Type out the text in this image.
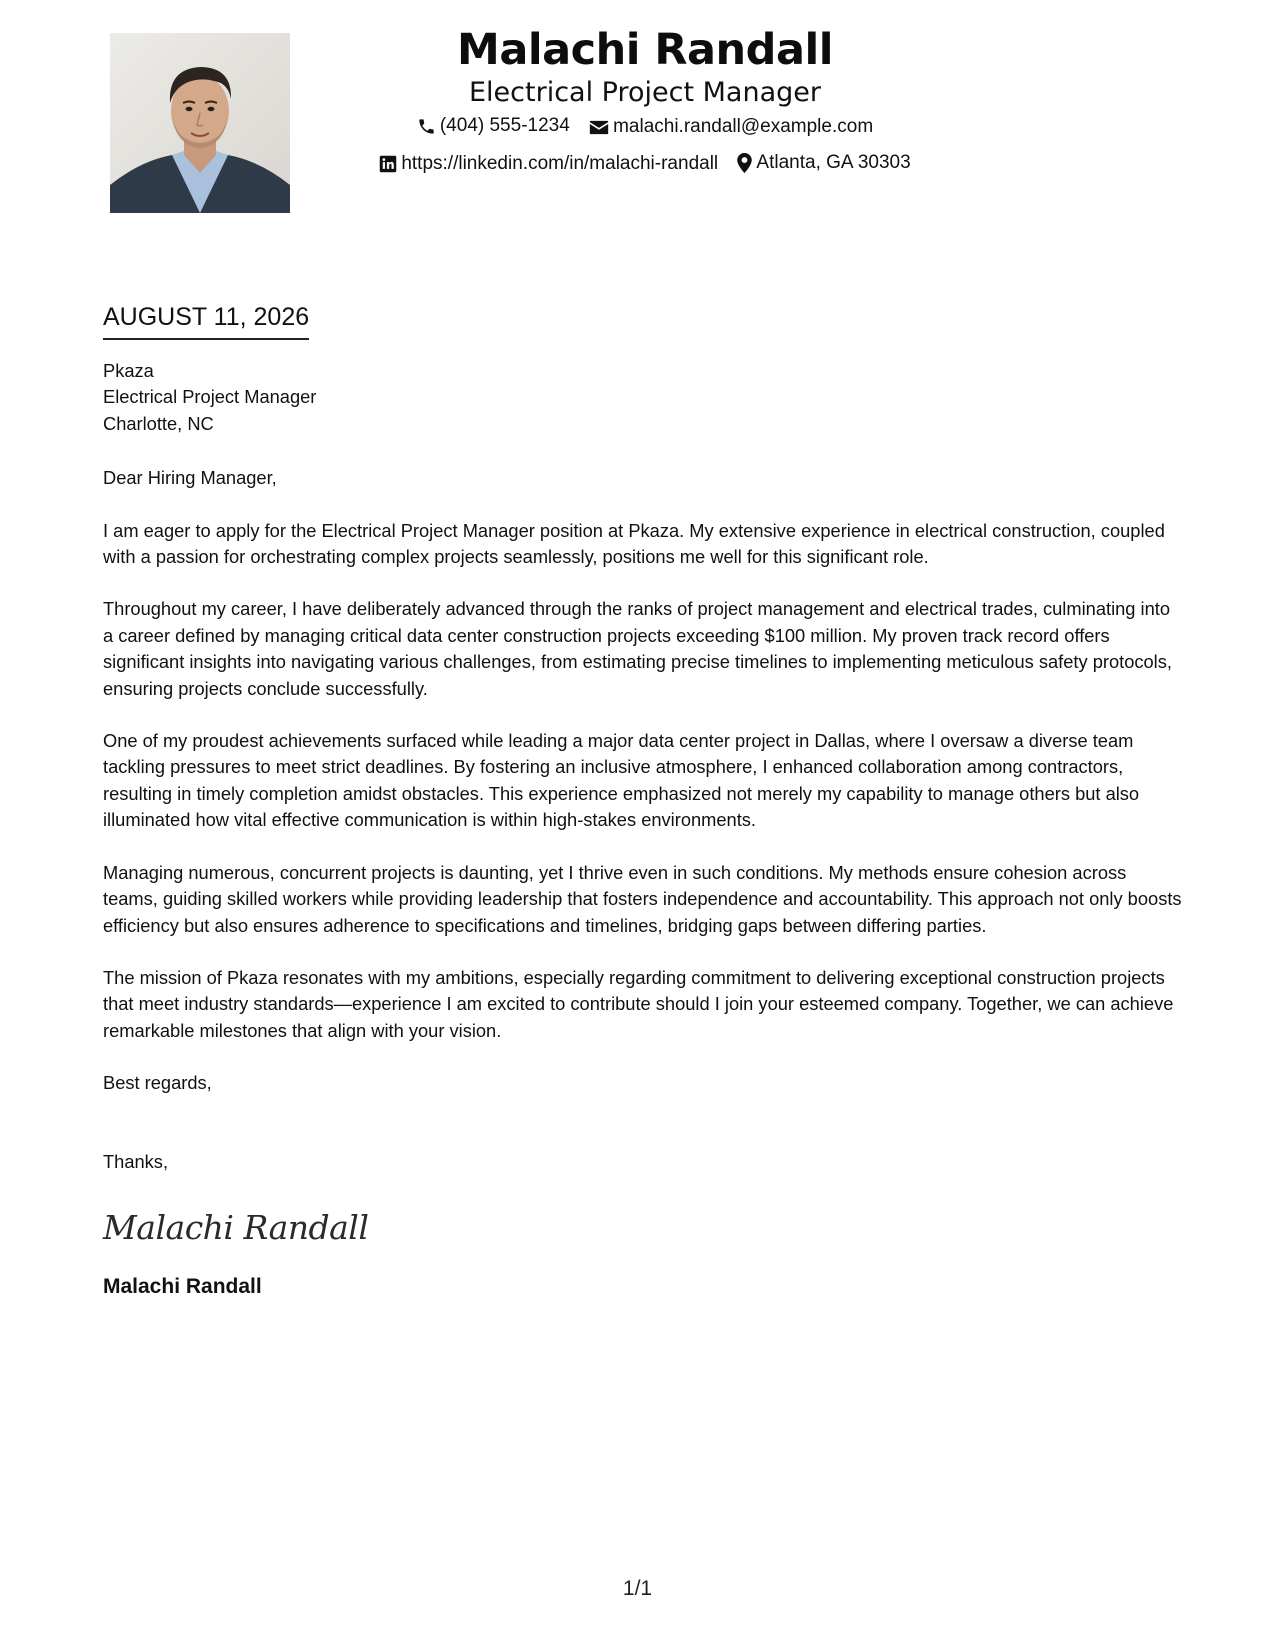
Malachi Randall
Electrical Project Manager
(404) 555-1234
malachi.randall@example.com
https://linkedin.com/in/malachi-randall
Atlanta, GA 30303
AUGUST 11, 2026
Pkaza
Electrical Project Manager
Charlotte, NC

Dear Hiring Manager,

I am eager to apply for the Electrical Project Manager position at Pkaza. My extensive experience in electrical construction, coupled with a passion for orchestrating complex projects seamlessly, positions me well for this significant role.

Throughout my career, I have deliberately advanced through the ranks of project management and electrical trades, culminating into a career defined by managing critical data center construction projects exceeding $100 million. My proven track record offers significant insights into navigating various challenges, from estimating precise timelines to implementing meticulous safety protocols, ensuring projects conclude successfully.

One of my proudest achievements surfaced while leading a major data center project in Dallas, where I oversaw a diverse team tackling pressures to meet strict deadlines. By fostering an inclusive atmosphere, I enhanced collaboration among contractors, resulting in timely completion amidst obstacles. This experience emphasized not merely my capability to manage others but also illuminated how vital effective communication is within high-stakes environments.

Managing numerous, concurrent projects is daunting, yet I thrive even in such conditions. My methods ensure cohesion across teams, guiding skilled workers while providing leadership that fosters independence and accountability. This approach not only boosts efficiency but also ensures adherence to specifications and timelines, bridging gaps between differing parties.

The mission of Pkaza resonates with my ambitions, especially regarding commitment to delivering exceptional construction projects that meet industry standards—experience I am excited to contribute should I join your esteemed company. Together, we can achieve remarkable milestones that align with your vision.

Best regards,

Thanks,

Malachi Randall
Malachi Randall
1/1
